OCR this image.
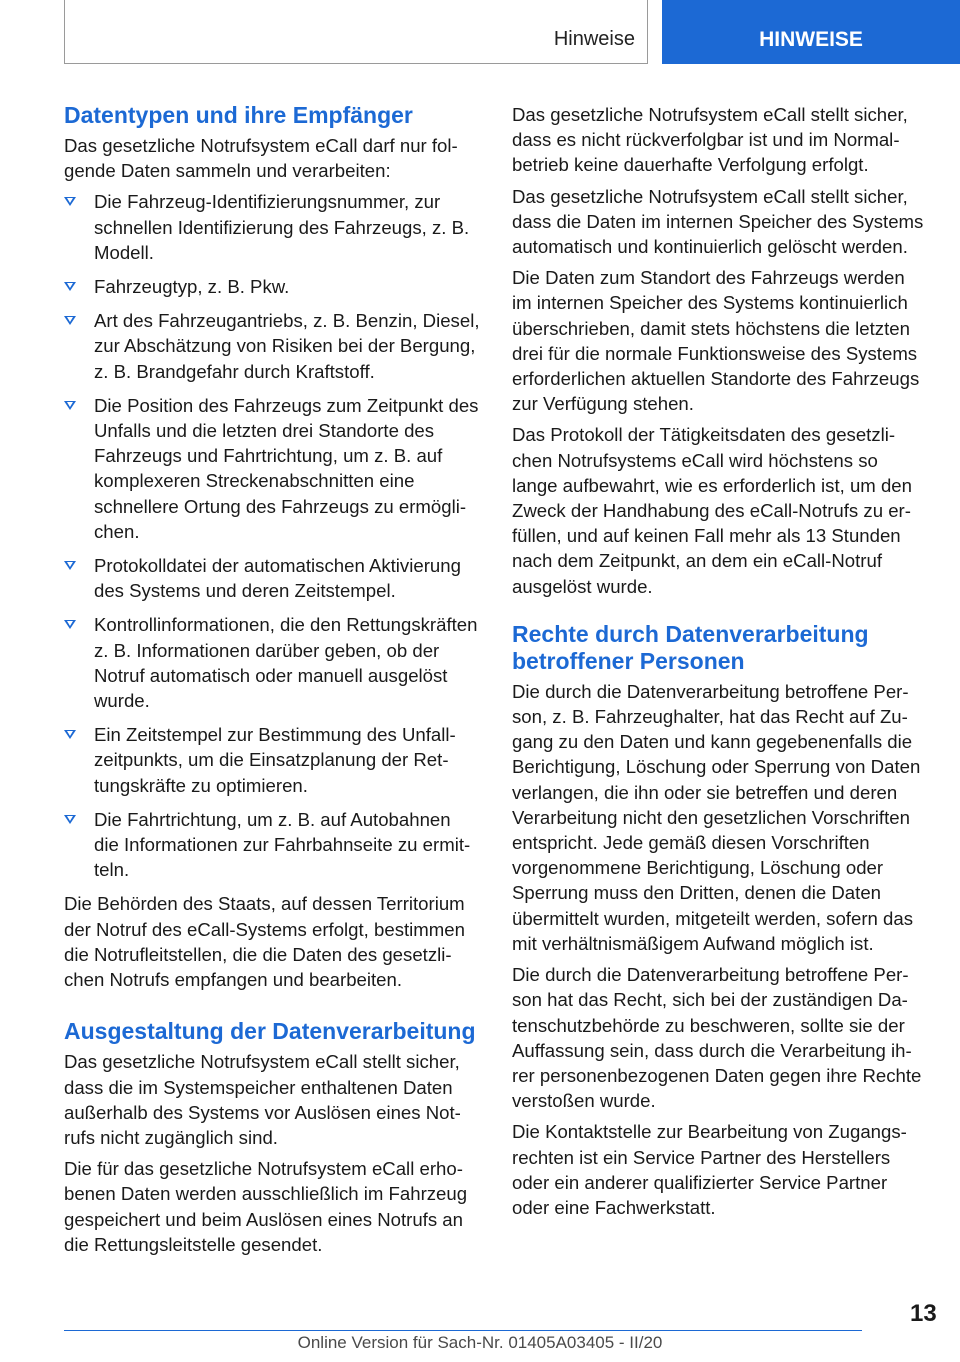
Hinweise	HINWEISE
Datentypen und ihre Empfänger

Das gesetzliche Notrufsystem eCall darf nur folgende Daten sammeln und verarbeiten:

Die Fahrzeug-Identifizierungsnummer, zur schnellen Identifizierung des Fahrzeugs, z. B. Modell.
Fahrzeugtyp, z. B. Pkw.
Art des Fahrzeugantriebs, z. B. Benzin, Diesel, zur Abschätzung von Risiken bei der Bergung, z. B. Brandgefahr durch Kraftstoff.
Die Position des Fahrzeugs zum Zeitpunkt des Unfalls und die letzten drei Standorte des Fahrzeugs und Fahrtrichtung, um z. B. auf komplexeren Streckenabschnitten eine schnellere Ortung des Fahrzeugs zu ermöglichen.
Protokolldatei der automatischen Aktivierung des Systems und deren Zeitstempel.
Kontrollinformationen, die den Rettungskräften z. B. Informationen darüber geben, ob der Notruf automatisch oder manuell ausgelöst wurde.
Ein Zeitstempel zur Bestimmung des Unfallzeitpunkts, um die Einsatzplanung der Rettungskräfte zu optimieren.
Die Fahrtrichtung, um z. B. auf Autobahnen die Informationen zur Fahrbahnseite zu ermitteln.

Die Behörden des Staats, auf dessen Territorium der Notruf des eCall-Systems erfolgt, bestimmen die Notrufleitstellen, die die Daten des gesetzlichen Notrufs empfangen und bearbeiten.

Ausgestaltung der Datenverarbeitung

Das gesetzliche Notrufsystem eCall stellt sicher, dass die im Systemspeicher enthaltenen Daten außerhalb des Systems vor Auslösen eines Notrufs nicht zugänglich sind.

Die für das gesetzliche Notrufsystem eCall erhobenen Daten werden ausschließlich im Fahrzeug gespeichert und beim Auslösen eines Notrufs an die Rettungsleitstelle gesendet.

Das gesetzliche Notrufsystem eCall stellt sicher, dass es nicht rückverfolgbar ist und im Normalbetrieb keine dauerhafte Verfolgung erfolgt.

Das gesetzliche Notrufsystem eCall stellt sicher, dass die Daten im internen Speicher des Systems automatisch und kontinuierlich gelöscht werden.

Die Daten zum Standort des Fahrzeugs werden im internen Speicher des Systems kontinuierlich überschrieben, damit stets höchstens die letzten drei für die normale Funktionsweise des Systems erforderlichen aktuellen Standorte des Fahrzeugs zur Verfügung stehen.

Das Protokoll der Tätigkeitsdaten des gesetzlichen Notrufsystems eCall wird höchstens so lange aufbewahrt, wie es erforderlich ist, um den Zweck der Handhabung des eCall-Notrufs zu erfüllen, und auf keinen Fall mehr als 13 Stunden nach dem Zeitpunkt, an dem ein eCall-Notruf ausgelöst wurde.

Rechte durch Datenverarbeitung betroffener Personen

Die durch die Datenverarbeitung betroffene Person, z. B. Fahrzeughalter, hat das Recht auf Zugang zu den Daten und kann gegebenenfalls die Berichtigung, Löschung oder Sperrung von Daten verlangen, die ihn oder sie betreffen und deren Verarbeitung nicht den gesetzlichen Vorschriften entspricht. Jede gemäß diesen Vorschriften vorgenommene Berichtigung, Löschung oder Sperrung muss den Dritten, denen die Daten übermittelt wurden, mitgeteilt werden, sofern das mit verhältnismäßigem Aufwand möglich ist.

Die durch die Datenverarbeitung betroffene Person hat das Recht, sich bei der zuständigen Datenschutzbehörde zu beschweren, sollte sie der Auffassung sein, dass durch die Verarbeitung ihrer personenbezogenen Daten gegen ihre Rechte verstoßen wurde.

Die Kontaktstelle zur Bearbeitung von Zugangsrechten ist ein Service Partner des Herstellers oder ein anderer qualifizierter Service Partner oder eine Fachwerkstatt.

13
Online Version für Sach-Nr. 01405A03405 - II/20
